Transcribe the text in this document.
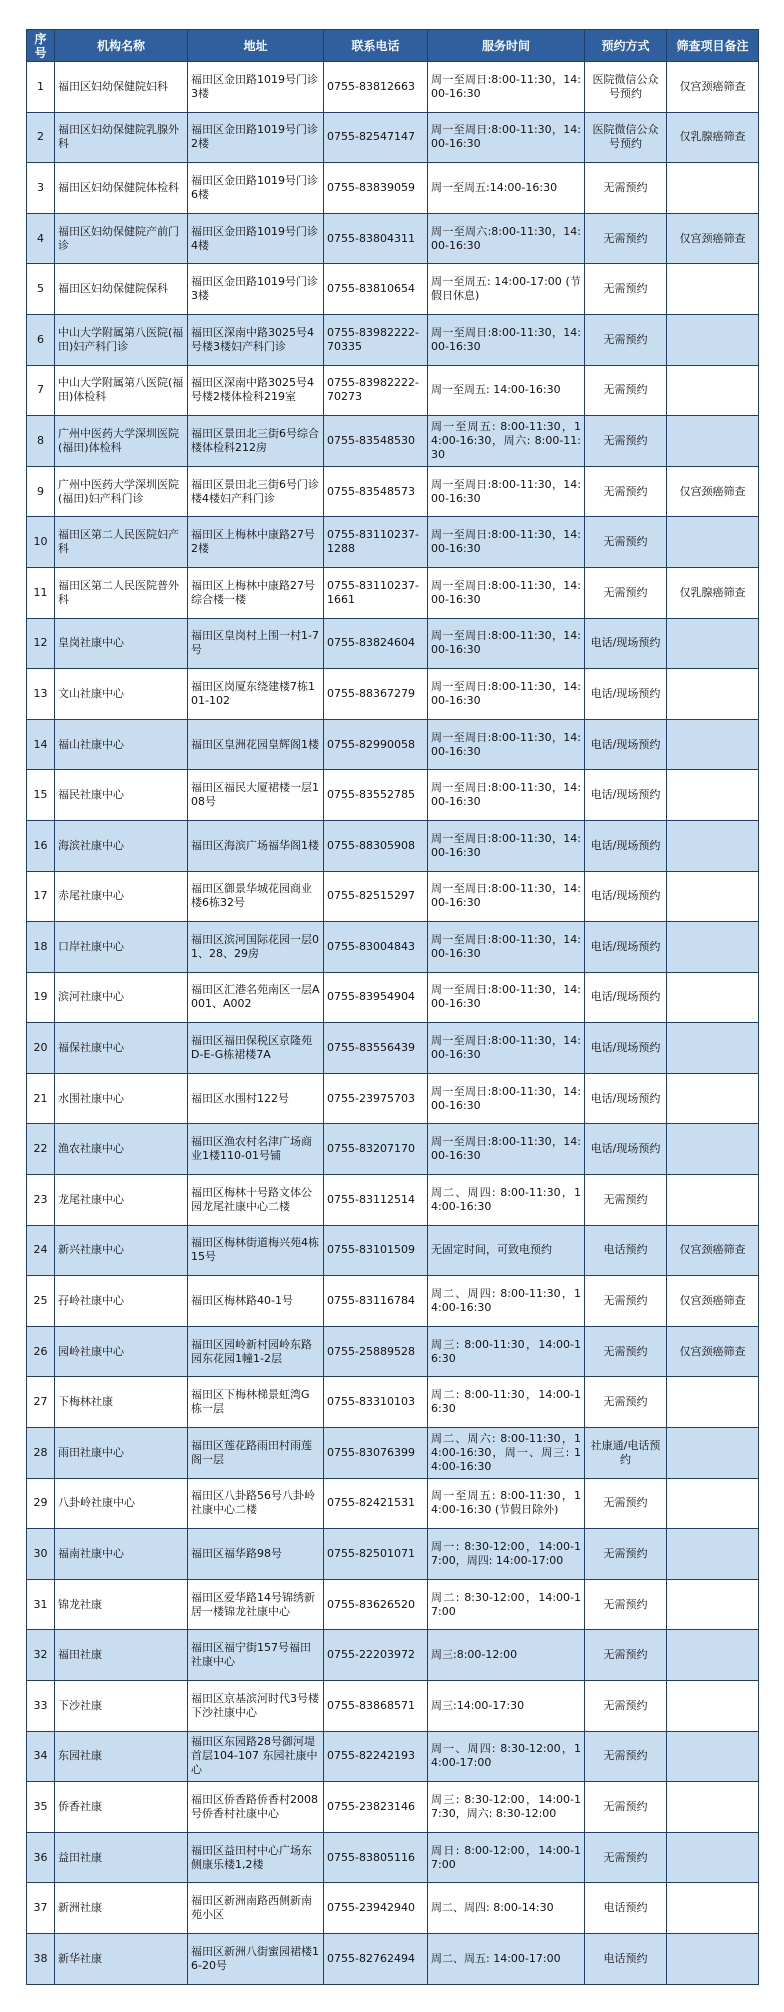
序号	机构名称	地址	联系电话	服务时间	预约方式	筛查项目备注
1	福田区妇幼保健院妇科	福田区金田路1019号门诊3楼	0755-83812663	周一至周日:8:00-11:30，14:00-16:30	医院微信公众号预约	仅宫颈癌筛查
2	福田区妇幼保健院乳腺外科	福田区金田路1019号门诊2楼	0755-82547147	周一至周日:8:00-11:30，14:00-16:30	医院微信公众号预约	仅乳腺癌筛查
3	福田区妇幼保健院体检科	福田区金田路1019号门诊6楼	0755-83839059	周一至周五:14:00-16:30	无需预约	
4	福田区妇幼保健院产前门诊	福田区金田路1019号门诊4楼	0755-83804311	周一至周六:8:00-11:30，14:00-16:30	无需预约	仅宫颈癌筛查
5	福田区妇幼保健院保科	福田区金田路1019号门诊3楼	0755-83810654	周一至周五: 14:00-17:00 (节假日休息)	无需预约	
6	中山大学附属第八医院(福田)妇产科门诊	福田区深南中路3025号4号楼3楼妇产科门诊	0755-83982222-70335	周一至周日:8:00-11:30，14:00-16:30	无需预约	
7	中山大学附属第八医院(福田)体检科	福田区深南中路3025号4号楼2楼体检科219室	0755-83982222-70273	周一至周五: 14:00-16:30	无需预约	
8	广州中医药大学深圳医院(福田)体检科	福田区景田北三街6号综合楼体检科212房	0755-83548530	周一至周五: 8:00-11:30，14:00-16:30，周六: 8:00-11:30	无需预约	
9	广州中医药大学深圳医院(福田)妇产科门诊	福田区景田北三街6号门诊楼4楼妇产科门诊	0755-83548573	周一至周日:8:00-11:30，14:00-16:30	无需预约	仅宫颈癌筛查
10	福田区第二人民医院妇产科	福田区上梅林中康路27号2楼	0755-83110237-1288	周一至周日:8:00-11:30，14:00-16:30	无需预约	
11	福田区第二人民医院普外科	福田区上梅林中康路27号综合楼一楼	0755-83110237-1661	周一至周日:8:00-11:30，14:00-16:30	无需预约	仅乳腺癌筛查
12	皇岗社康中心	福田区皇岗村上围一村1-7号	0755-83824604	周一至周日:8:00-11:30，14:00-16:30	电话/现场预约	
13	文山社康中心	福田区岗厦东绕建楼7栋101-102	0755-88367279	周一至周日:8:00-11:30，14:00-16:30	电话/现场预约	
14	福山社康中心	福田区皇洲花园皇辉阁1楼	0755-82990058	周一至周日:8:00-11:30，14:00-16:30	电话/现场预约	
15	福民社康中心	福田区福民大厦裙楼一层108号	0755-83552785	周一至周日:8:00-11:30，14:00-16:30	电话/现场预约	
16	海滨社康中心	福田区海滨广场福华阁1楼	0755-88305908	周一至周日:8:00-11:30，14:00-16:30	电话/现场预约	
17	赤尾社康中心	福田区御景华城花园商业楼6栋32号	0755-82515297	周一至周日:8:00-11:30，14:00-16:30	电话/现场预约	
18	口岸社康中心	福田区滨河国际花园一层01、28、29房	0755-83004843	周一至周日:8:00-11:30，14:00-16:30	电话/现场预约	
19	滨河社康中心	福田区汇港名苑南区一层A001、A002	0755-83954904	周一至周日:8:00-11:30，14:00-16:30	电话/现场预约	
20	福保社康中心	福田区福田保税区京隆苑D-E-G栋裙楼7A	0755-83556439	周一至周日:8:00-11:30，14:00-16:30	电话/现场预约	
21	水围社康中心	福田区水围村122号	0755-23975703	周一至周日:8:00-11:30，14:00-16:30	电话/现场预约	
22	渔农社康中心	福田区渔农村名津广场商业1楼110-01号铺	0755-83207170	周一至周日:8:00-11:30，14:00-16:30	电话/现场预约	
23	龙尾社康中心	福田区梅林十号路文体公园龙尾社康中心二楼	0755-83112514	周二、周四: 8:00-11:30，14:00-16:30	无需预约	
24	新兴社康中心	福田区梅林街道梅兴苑4栋15号	0755-83101509	无固定时间，可致电预约	电话预约	仅宫颈癌筛查
25	孖岭社康中心	福田区梅林路40-1号	0755-83116784	周二、周四: 8:00-11:30，14:00-16:30	无需预约	仅宫颈癌筛查
26	园岭社康中心	福田区园岭新村园岭东路园东花园1幢1-2层	0755-25889528	周三: 8:00-11:30，14:00-16:30	无需预约	仅宫颈癌筛查
27	下梅林社康	福田区下梅林梯景虹湾G栋一层	0755-83310103	周二: 8:00-11:30，14:00-16:30	无需预约	
28	雨田社康中心	福田区莲花路雨田村雨莲阁一层	0755-83076399	周二、周六: 8:00-11:30，14:00-16:30，周一、周三: 14:00-16:30	社康通/电话预约	
29	八卦岭社康中心	福田区八卦路56号八卦岭社康中心二楼	0755-82421531	周一至周五: 8:00-11:30，14:00-16:30 (节假日除外)	无需预约	
30	福南社康中心	福田区福华路98号	0755-82501071	周一: 8:30-12:00，14:00-17:00，周四: 14:00-17:00	无需预约	
31	锦龙社康	福田区爱华路14号锦绣新居一楼锦龙社康中心	0755-83626520	周二: 8:30-12:00，14:00-17:00	无需预约	
32	福田社康	福田区福宁街157号福田社康中心	0755-22203972	周三:8:00-12:00	无需预约	
33	下沙社康	福田区京基滨河时代3号楼下沙社康中心	0755-83868571	周三:14:00-17:30	无需预约	
34	东园社康	福田区东园路28号御河堤首层104-107 东园社康中心	0755-82242193	周一、周四: 8:30-12:00，14:00-17:00	无需预约	
35	侨香社康	福田区侨香路侨香村2008号侨香村社康中心	0755-23823146	周三: 8:30-12:00，14:00-17:30，周六: 8:30-12:00	无需预约	
36	益田社康	福田区益田村中心广场东侧康乐楼1,2楼	0755-83805116	周日: 8:00-12:00，14:00-17:00	无需预约	
37	新洲社康	福田区新洲南路西侧新南苑小区	0755-23942940	周二、周四: 8:00-14:30	电话预约	
38	新华社康	福田区新洲八街蜜园裙楼16-20号	0755-82762494	周二、周五: 14:00-17:00	电话预约	
